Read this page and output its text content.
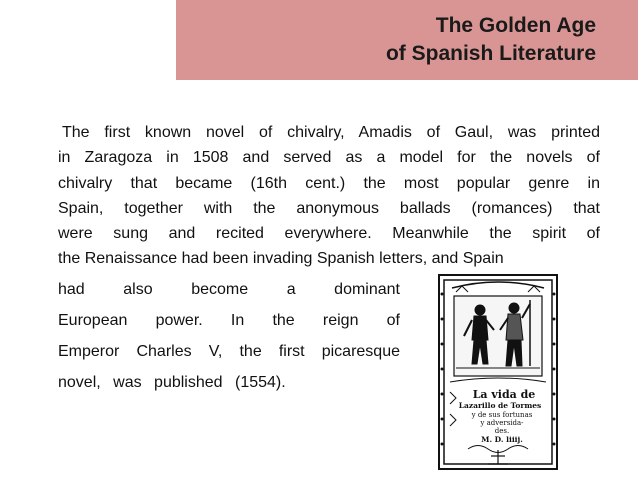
The Golden Age
of Spanish Literature
The first known novel of chivalry, Amadis of Gaul, was printed
in Zaragoza in 1508 and served as a model for the novels of
chivalry that became (16th cent.) the most popular genre in
Spain, together with the anonymous ballads (romances) that
were sung and recited everywhere. Meanwhile the spirit of
the Renaissance had been invading Spanish letters, and Spain
had also become a dominant
European power. In the reign of
Emperor Charles V, the first picaresque
novel, was published (1554).
La vida de
Lazarillo de Tormes
y de sus fortunas
y adversida-
des.
M. D. liiij.
